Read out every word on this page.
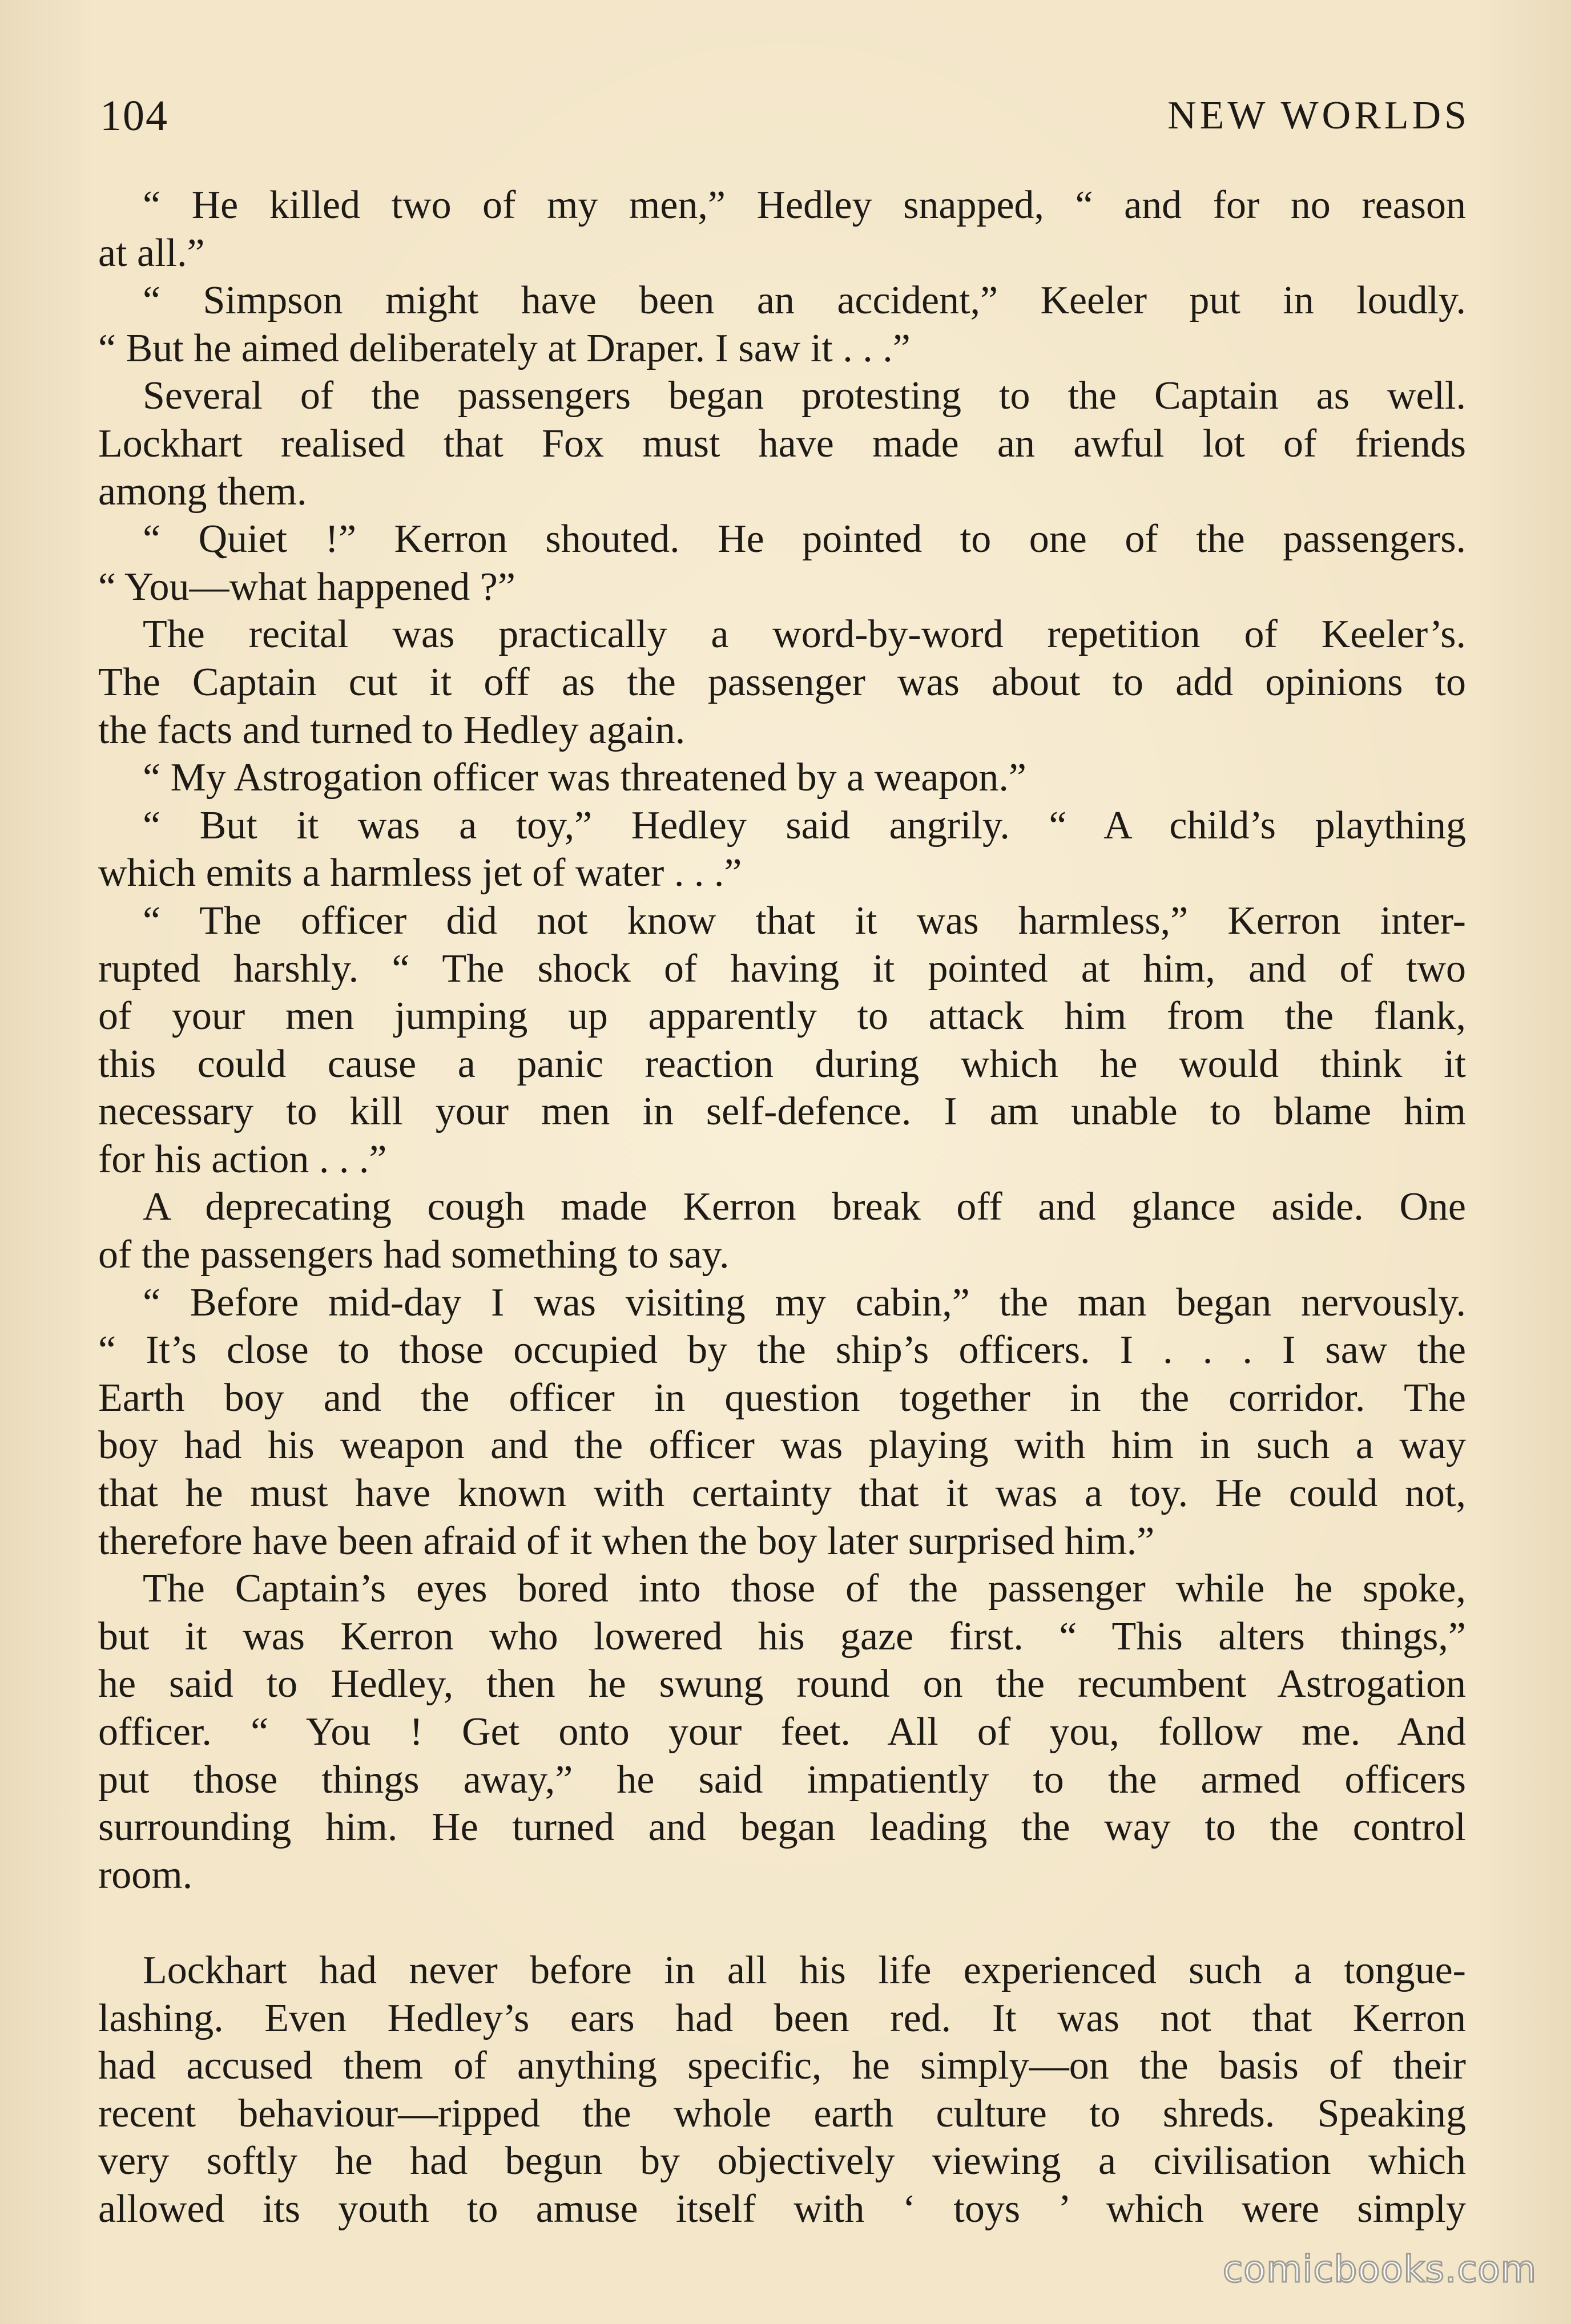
104	NEW WORLDS
“ He killed two of my men,” Hedley snapped, “ and for no reason
at all.”
“ Simpson might have been an accident,” Keeler put in loudly.
“ But he aimed deliberately at Draper. I saw it . . .”
Several of the passengers began protesting to the Captain as well.
Lockhart realised that Fox must have made an awful lot of friends
among them.
“ Quiet !” Kerron shouted. He pointed to one of the passengers.
“ You—what happened ?”
The recital was practically a word-by-word repetition of Keeler’s.
The Captain cut it off as the passenger was about to add opinions to
the facts and turned to Hedley again.
“ My Astrogation officer was threatened by a weapon.”
“ But it was a toy,” Hedley said angrily. “ A child’s plaything
which emits a harmless jet of water . . .”
“ The officer did not know that it was harmless,” Kerron inter-
rupted harshly. “ The shock of having it pointed at him, and of two
of your men jumping up apparently to attack him from the flank,
this could cause a panic reaction during which he would think it
necessary to kill your men in self-defence. I am unable to blame him
for his action . . .”
A deprecating cough made Kerron break off and glance aside. One
of the passengers had something to say.
“ Before mid-day I was visiting my cabin,” the man began nervously.
“ It’s close to those occupied by the ship’s officers. I . . . I saw the
Earth boy and the officer in question together in the corridor. The
boy had his weapon and the officer was playing with him in such a way
that he must have known with certainty that it was a toy. He could not,
therefore have been afraid of it when the boy later surprised him.”
The Captain’s eyes bored into those of the passenger while he spoke,
but it was Kerron who lowered his gaze first. “ This alters things,”
he said to Hedley, then he swung round on the recumbent Astrogation
officer. “ You ! Get onto your feet. All of you, follow me. And
put those things away,” he said impatiently to the armed officers
surrounding him. He turned and began leading the way to the control
room.
Lockhart had never before in all his life experienced such a tongue-
lashing. Even Hedley’s ears had been red. It was not that Kerron
had accused them of anything specific, he simply—on the basis of their
recent behaviour—ripped the whole earth culture to shreds. Speaking
very softly he had begun by objectively viewing a civilisation which
allowed its youth to amuse itself with ‘ toys ’ which were simply
comicbooks.com
